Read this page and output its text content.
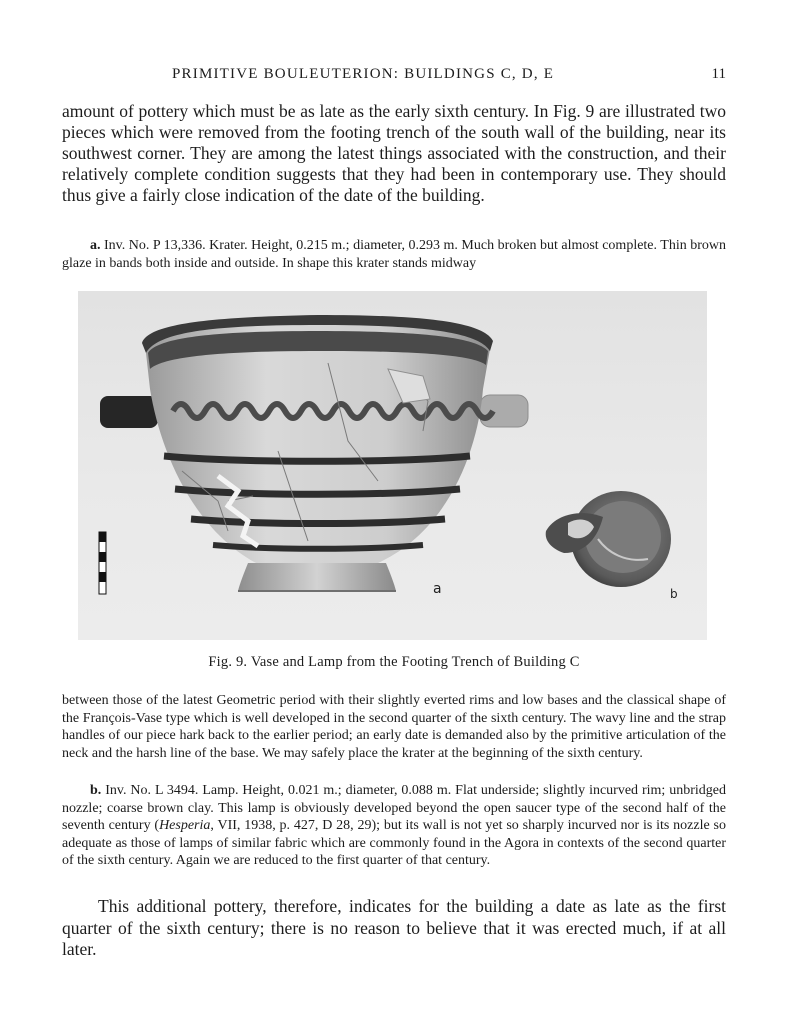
PRIMITIVE BOULEUTERION: BUILDINGS C, D, E	11

amount of pottery which must be as late as the early sixth century. In Fig. 9 are illustrated two pieces which were removed from the footing trench of the south wall of the building, near its southwest corner. They are among the latest things associated with the construction, and their relatively complete condition suggests that they had been in contemporary use. They should thus give a fairly close indication of the date of the building.

a. Inv. No. P 13,336. Krater. Height, 0.215 m.; diameter, 0.293 m. Much broken but almost complete. Thin brown glaze in bands both inside and outside. In shape this krater stands midway

a	b
Fig. 9. Vase and Lamp from the Footing Trench of Building C

between those of the latest Geometric period with their slightly everted rims and low bases and the classical shape of the François-Vase type which is well developed in the second quarter of the sixth century. The wavy line and the strap handles of our piece hark back to the earlier period; an early date is demanded also by the primitive articulation of the neck and the harsh line of the base. We may safely place the krater at the beginning of the sixth century.

b. Inv. No. L 3494. Lamp. Height, 0.021 m.; diameter, 0.088 m. Flat underside; slightly incurved rim; unbridged nozzle; coarse brown clay. This lamp is obviously developed beyond the open saucer type of the second half of the seventh century (Hesperia, VII, 1938, p. 427, D 28, 29); but its wall is not yet so sharply incurved nor is its nozzle so adequate as those of lamps of similar fabric which are commonly found in the Agora in contexts of the second quarter of the sixth century. Again we are reduced to the first quarter of that century.

This additional pottery, therefore, indicates for the building a date as late as the first quarter of the sixth century; there is no reason to believe that it was erected much, if at all later.
